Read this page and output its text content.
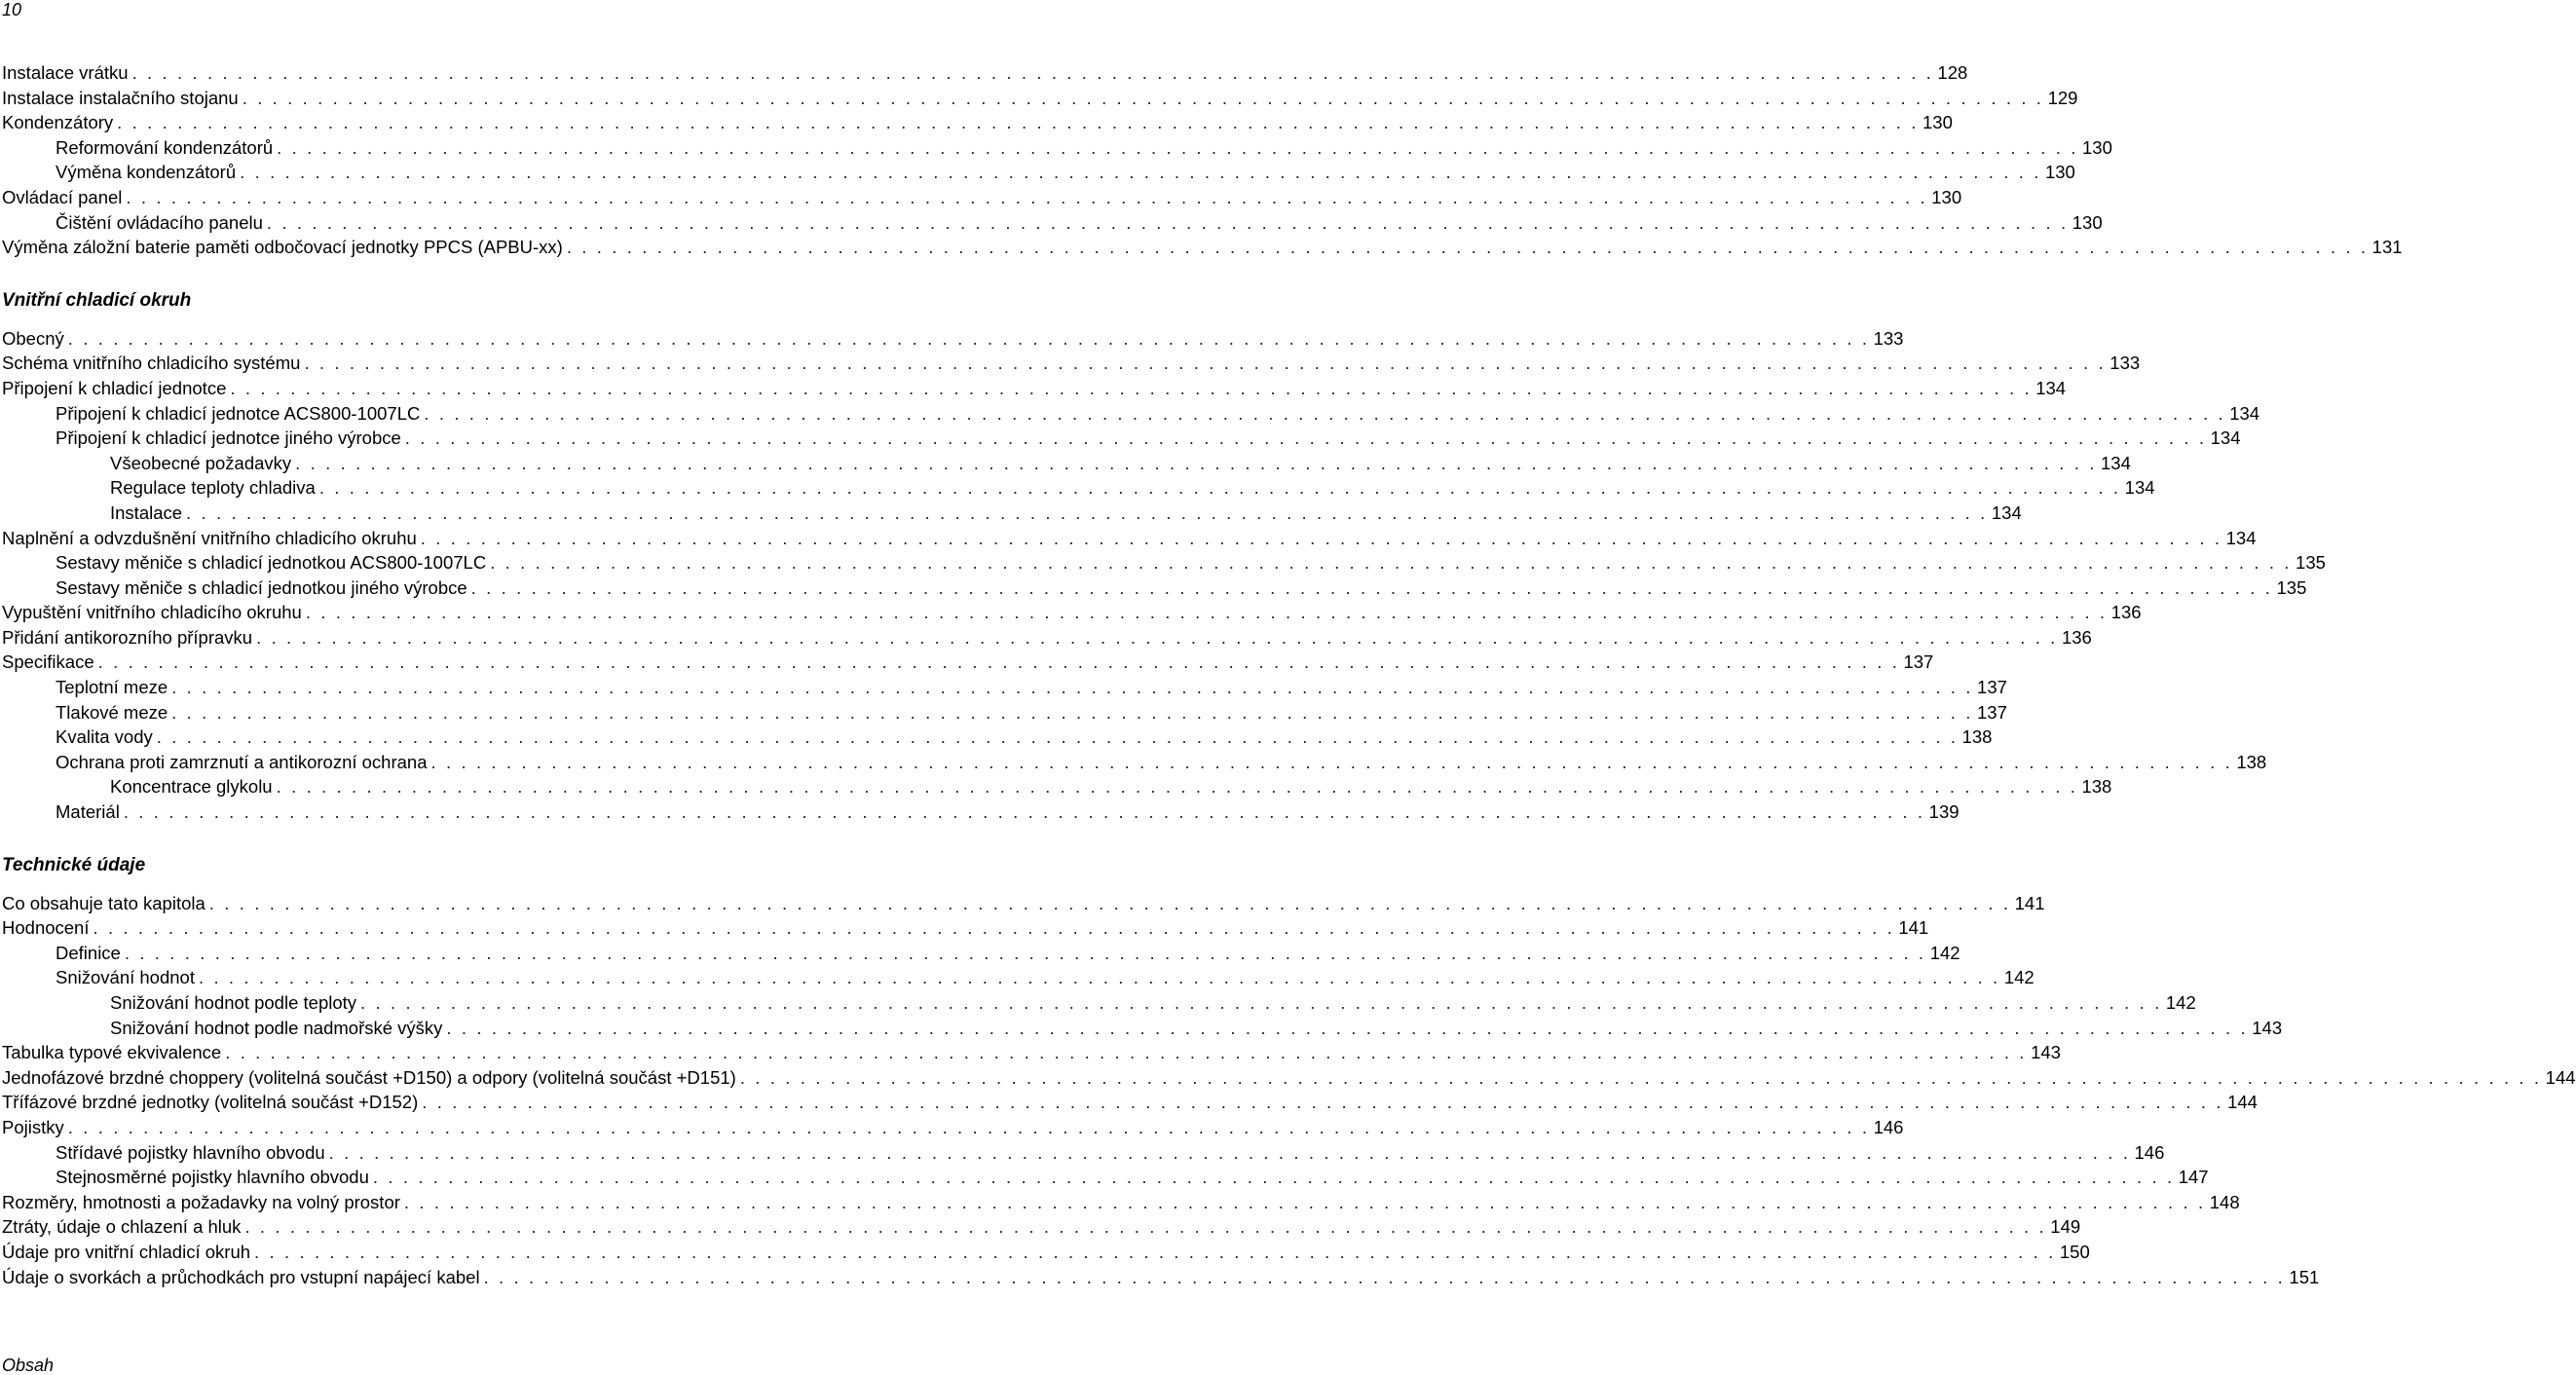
10
Instalace vrátku . . . . . . . . . . . . . . . . . . . . . . . . . . . . . . . . . . . . . . . . . . . . . . . . . . . . . . . . . . . . . . . . . . . . . . . . . . . . . . . . . . . . . . . . . . . . . . . . . . . . . . . . . . . . . . . . . . . . . . . . 128
Instalace instalačního stojanu . . . . . . . . . . . . . . . . . . . . . . . . . . . . . . . . . . . . . . . . . . . . . . . . . . . . . . . . . . . . . . . . . . . . . . . . . . . . . . . . . . . . . . . . . . . . . . . . . . . . . . . . . . . . . . . . . . . . . . . . 129
Kondenzátory . . . . . . . . . . . . . . . . . . . . . . . . . . . . . . . . . . . . . . . . . . . . . . . . . . . . . . . . . . . . . . . . . . . . . . . . . . . . . . . . . . . . . . . . . . . . . . . . . . . . . . . . . . . . . . . . . . . . . . . . 130
Reformování kondenzátorů . . . . . . . . . . . . . . . . . . . . . . . . . . . . . . . . . . . . . . . . . . . . . . . . . . . . . . . . . . . . . . . . . . . . . . . . . . . . . . . . . . . . . . . . . . . . . . . . . . . . . . . . . . . . . . . . . . . . . . . . 130
Výměna kondenzátorů . . . . . . . . . . . . . . . . . . . . . . . . . . . . . . . . . . . . . . . . . . . . . . . . . . . . . . . . . . . . . . . . . . . . . . . . . . . . . . . . . . . . . . . . . . . . . . . . . . . . . . . . . . . . . . . . . . . . . . . . 130
Ovládací panel . . . . . . . . . . . . . . . . . . . . . . . . . . . . . . . . . . . . . . . . . . . . . . . . . . . . . . . . . . . . . . . . . . . . . . . . . . . . . . . . . . . . . . . . . . . . . . . . . . . . . . . . . . . . . . . . . . . . . . . . 130
Čištění ovládacího panelu . . . . . . . . . . . . . . . . . . . . . . . . . . . . . . . . . . . . . . . . . . . . . . . . . . . . . . . . . . . . . . . . . . . . . . . . . . . . . . . . . . . . . . . . . . . . . . . . . . . . . . . . . . . . . . . . . . . . . . . . 130
Výměna záložní baterie paměti odbočovací jednotky PPCS (APBU-xx) . . . . . . . . . . . . . . . . . . . . . . . . . . . . . . . . . . . . . . . . . . . . . . . . . . . . . . . . . . . . . . . . . . . . . . . . . . . . . . . . . . . . . . . . . . . . . . . . . . . . . . . . . . . . . . . . . . . . . . . . 131
Vnitřní chladicí okruh
Obecný . . . . . . . . . . . . . . . . . . . . . . . . . . . . . . . . . . . . . . . . . . . . . . . . . . . . . . . . . . . . . . . . . . . . . . . . . . . . . . . . . . . . . . . . . . . . . . . . . . . . . . . . . . . . . . . . . . . . . . . . 133
Schéma vnitřního chladicího systému . . . . . . . . . . . . . . . . . . . . . . . . . . . . . . . . . . . . . . . . . . . . . . . . . . . . . . . . . . . . . . . . . . . . . . . . . . . . . . . . . . . . . . . . . . . . . . . . . . . . . . . . . . . . . . . . . . . . . . . . 133
Připojení k chladicí jednotce . . . . . . . . . . . . . . . . . . . . . . . . . . . . . . . . . . . . . . . . . . . . . . . . . . . . . . . . . . . . . . . . . . . . . . . . . . . . . . . . . . . . . . . . . . . . . . . . . . . . . . . . . . . . . . . . . . . . . . . . 134
Připojení k chladicí jednotce ACS800-1007LC . . . . . . . . . . . . . . . . . . . . . . . . . . . . . . . . . . . . . . . . . . . . . . . . . . . . . . . . . . . . . . . . . . . . . . . . . . . . . . . . . . . . . . . . . . . . . . . . . . . . . . . . . . . . . . . . . . . . . . . . 134
Připojení k chladicí jednotce jiného výrobce . . . . . . . . . . . . . . . . . . . . . . . . . . . . . . . . . . . . . . . . . . . . . . . . . . . . . . . . . . . . . . . . . . . . . . . . . . . . . . . . . . . . . . . . . . . . . . . . . . . . . . . . . . . . . . . . . . . . . . . . 134
Všeobecné požadavky . . . . . . . . . . . . . . . . . . . . . . . . . . . . . . . . . . . . . . . . . . . . . . . . . . . . . . . . . . . . . . . . . . . . . . . . . . . . . . . . . . . . . . . . . . . . . . . . . . . . . . . . . . . . . . . . . . . . . . . . 134
Regulace teploty chladiva . . . . . . . . . . . . . . . . . . . . . . . . . . . . . . . . . . . . . . . . . . . . . . . . . . . . . . . . . . . . . . . . . . . . . . . . . . . . . . . . . . . . . . . . . . . . . . . . . . . . . . . . . . . . . . . . . . . . . . . . 134
Instalace . . . . . . . . . . . . . . . . . . . . . . . . . . . . . . . . . . . . . . . . . . . . . . . . . . . . . . . . . . . . . . . . . . . . . . . . . . . . . . . . . . . . . . . . . . . . . . . . . . . . . . . . . . . . . . . . . . . . . . . . 134
Naplnění a odvzdušnění vnitřního chladicího okruhu . . . . . . . . . . . . . . . . . . . . . . . . . . . . . . . . . . . . . . . . . . . . . . . . . . . . . . . . . . . . . . . . . . . . . . . . . . . . . . . . . . . . . . . . . . . . . . . . . . . . . . . . . . . . . . . . . . . . . . . . 134
Sestavy měniče s chladicí jednotkou ACS800-1007LC . . . . . . . . . . . . . . . . . . . . . . . . . . . . . . . . . . . . . . . . . . . . . . . . . . . . . . . . . . . . . . . . . . . . . . . . . . . . . . . . . . . . . . . . . . . . . . . . . . . . . . . . . . . . . . . . . . . . . . . . 135
Sestavy měniče s chladicí jednotkou jiného výrobce . . . . . . . . . . . . . . . . . . . . . . . . . . . . . . . . . . . . . . . . . . . . . . . . . . . . . . . . . . . . . . . . . . . . . . . . . . . . . . . . . . . . . . . . . . . . . . . . . . . . . . . . . . . . . . . . . . . . . . . . 135
Vypuštění vnitřního chladicího okruhu . . . . . . . . . . . . . . . . . . . . . . . . . . . . . . . . . . . . . . . . . . . . . . . . . . . . . . . . . . . . . . . . . . . . . . . . . . . . . . . . . . . . . . . . . . . . . . . . . . . . . . . . . . . . . . . . . . . . . . . . 136
Přidání antikorozního přípravku . . . . . . . . . . . . . . . . . . . . . . . . . . . . . . . . . . . . . . . . . . . . . . . . . . . . . . . . . . . . . . . . . . . . . . . . . . . . . . . . . . . . . . . . . . . . . . . . . . . . . . . . . . . . . . . . . . . . . . . . 136
Specifikace . . . . . . . . . . . . . . . . . . . . . . . . . . . . . . . . . . . . . . . . . . . . . . . . . . . . . . . . . . . . . . . . . . . . . . . . . . . . . . . . . . . . . . . . . . . . . . . . . . . . . . . . . . . . . . . . . . . . . . . . 137
Teplotní meze . . . . . . . . . . . . . . . . . . . . . . . . . . . . . . . . . . . . . . . . . . . . . . . . . . . . . . . . . . . . . . . . . . . . . . . . . . . . . . . . . . . . . . . . . . . . . . . . . . . . . . . . . . . . . . . . . . . . . . . . 137
Tlakové meze . . . . . . . . . . . . . . . . . . . . . . . . . . . . . . . . . . . . . . . . . . . . . . . . . . . . . . . . . . . . . . . . . . . . . . . . . . . . . . . . . . . . . . . . . . . . . . . . . . . . . . . . . . . . . . . . . . . . . . . . 137
Kvalita vody . . . . . . . . . . . . . . . . . . . . . . . . . . . . . . . . . . . . . . . . . . . . . . . . . . . . . . . . . . . . . . . . . . . . . . . . . . . . . . . . . . . . . . . . . . . . . . . . . . . . . . . . . . . . . . . . . . . . . . . . 138
Ochrana proti zamrznutí a antikorozní ochrana . . . . . . . . . . . . . . . . . . . . . . . . . . . . . . . . . . . . . . . . . . . . . . . . . . . . . . . . . . . . . . . . . . . . . . . . . . . . . . . . . . . . . . . . . . . . . . . . . . . . . . . . . . . . . . . . . . . . . . . . 138
Koncentrace glykolu . . . . . . . . . . . . . . . . . . . . . . . . . . . . . . . . . . . . . . . . . . . . . . . . . . . . . . . . . . . . . . . . . . . . . . . . . . . . . . . . . . . . . . . . . . . . . . . . . . . . . . . . . . . . . . . . . . . . . . . . 138
Materiál . . . . . . . . . . . . . . . . . . . . . . . . . . . . . . . . . . . . . . . . . . . . . . . . . . . . . . . . . . . . . . . . . . . . . . . . . . . . . . . . . . . . . . . . . . . . . . . . . . . . . . . . . . . . . . . . . . . . . . . . 139
Technické údaje
Co obsahuje tato kapitola . . . . . . . . . . . . . . . . . . . . . . . . . . . . . . . . . . . . . . . . . . . . . . . . . . . . . . . . . . . . . . . . . . . . . . . . . . . . . . . . . . . . . . . . . . . . . . . . . . . . . . . . . . . . . . . . . . . . . . . . 141
Hodnocení . . . . . . . . . . . . . . . . . . . . . . . . . . . . . . . . . . . . . . . . . . . . . . . . . . . . . . . . . . . . . . . . . . . . . . . . . . . . . . . . . . . . . . . . . . . . . . . . . . . . . . . . . . . . . . . . . . . . . . . . 141
Definice . . . . . . . . . . . . . . . . . . . . . . . . . . . . . . . . . . . . . . . . . . . . . . . . . . . . . . . . . . . . . . . . . . . . . . . . . . . . . . . . . . . . . . . . . . . . . . . . . . . . . . . . . . . . . . . . . . . . . . . . 142
Snižování hodnot . . . . . . . . . . . . . . . . . . . . . . . . . . . . . . . . . . . . . . . . . . . . . . . . . . . . . . . . . . . . . . . . . . . . . . . . . . . . . . . . . . . . . . . . . . . . . . . . . . . . . . . . . . . . . . . . . . . . . . . . 142
Snižování hodnot podle teploty . . . . . . . . . . . . . . . . . . . . . . . . . . . . . . . . . . . . . . . . . . . . . . . . . . . . . . . . . . . . . . . . . . . . . . . . . . . . . . . . . . . . . . . . . . . . . . . . . . . . . . . . . . . . . . . . . . . . . . . . 142
Snižování hodnot podle nadmořské výšky . . . . . . . . . . . . . . . . . . . . . . . . . . . . . . . . . . . . . . . . . . . . . . . . . . . . . . . . . . . . . . . . . . . . . . . . . . . . . . . . . . . . . . . . . . . . . . . . . . . . . . . . . . . . . . . . . . . . . . . . 143
Tabulka typové ekvivalence . . . . . . . . . . . . . . . . . . . . . . . . . . . . . . . . . . . . . . . . . . . . . . . . . . . . . . . . . . . . . . . . . . . . . . . . . . . . . . . . . . . . . . . . . . . . . . . . . . . . . . . . . . . . . . . . . . . . . . . . 143
Jednofázové brzdné choppery (volitelná součást +D150) a odpory (volitelná součást +D151) . . . . . . . . . . . . . . . . . . . . . . . . . . . . . . . . . . . . . . . . . . . . . . . . . . . . . . . . . . . . . . . . . . . . . . . . . . . . . . . . . . . . . . . . . . . . . . . . . . . . . . . . . . . . . . . . . . . . . . . . 144
Třífázové brzdné jednotky (volitelná součást +D152) . . . . . . . . . . . . . . . . . . . . . . . . . . . . . . . . . . . . . . . . . . . . . . . . . . . . . . . . . . . . . . . . . . . . . . . . . . . . . . . . . . . . . . . . . . . . . . . . . . . . . . . . . . . . . . . . . . . . . . . . 144
Pojistky . . . . . . . . . . . . . . . . . . . . . . . . . . . . . . . . . . . . . . . . . . . . . . . . . . . . . . . . . . . . . . . . . . . . . . . . . . . . . . . . . . . . . . . . . . . . . . . . . . . . . . . . . . . . . . . . . . . . . . . . 146
Střídavé pojistky hlavního obvodu . . . . . . . . . . . . . . . . . . . . . . . . . . . . . . . . . . . . . . . . . . . . . . . . . . . . . . . . . . . . . . . . . . . . . . . . . . . . . . . . . . . . . . . . . . . . . . . . . . . . . . . . . . . . . . . . . . . . . . . . 146
Stejnosměrné pojistky hlavního obvodu . . . . . . . . . . . . . . . . . . . . . . . . . . . . . . . . . . . . . . . . . . . . . . . . . . . . . . . . . . . . . . . . . . . . . . . . . . . . . . . . . . . . . . . . . . . . . . . . . . . . . . . . . . . . . . . . . . . . . . . . 147
Rozměry, hmotnosti a požadavky na volný prostor . . . . . . . . . . . . . . . . . . . . . . . . . . . . . . . . . . . . . . . . . . . . . . . . . . . . . . . . . . . . . . . . . . . . . . . . . . . . . . . . . . . . . . . . . . . . . . . . . . . . . . . . . . . . . . . . . . . . . . . . 148
Ztráty, údaje o chlazení a hluk . . . . . . . . . . . . . . . . . . . . . . . . . . . . . . . . . . . . . . . . . . . . . . . . . . . . . . . . . . . . . . . . . . . . . . . . . . . . . . . . . . . . . . . . . . . . . . . . . . . . . . . . . . . . . . . . . . . . . . . . 149
Údaje pro vnitřní chladicí okruh . . . . . . . . . . . . . . . . . . . . . . . . . . . . . . . . . . . . . . . . . . . . . . . . . . . . . . . . . . . . . . . . . . . . . . . . . . . . . . . . . . . . . . . . . . . . . . . . . . . . . . . . . . . . . . . . . . . . . . . . 150
Údaje o svorkách a průchodkách pro vstupní napájecí kabel . . . . . . . . . . . . . . . . . . . . . . . . . . . . . . . . . . . . . . . . . . . . . . . . . . . . . . . . . . . . . . . . . . . . . . . . . . . . . . . . . . . . . . . . . . . . . . . . . . . . . . . . . . . . . . . . . . . . . . . . 151
Obsah
